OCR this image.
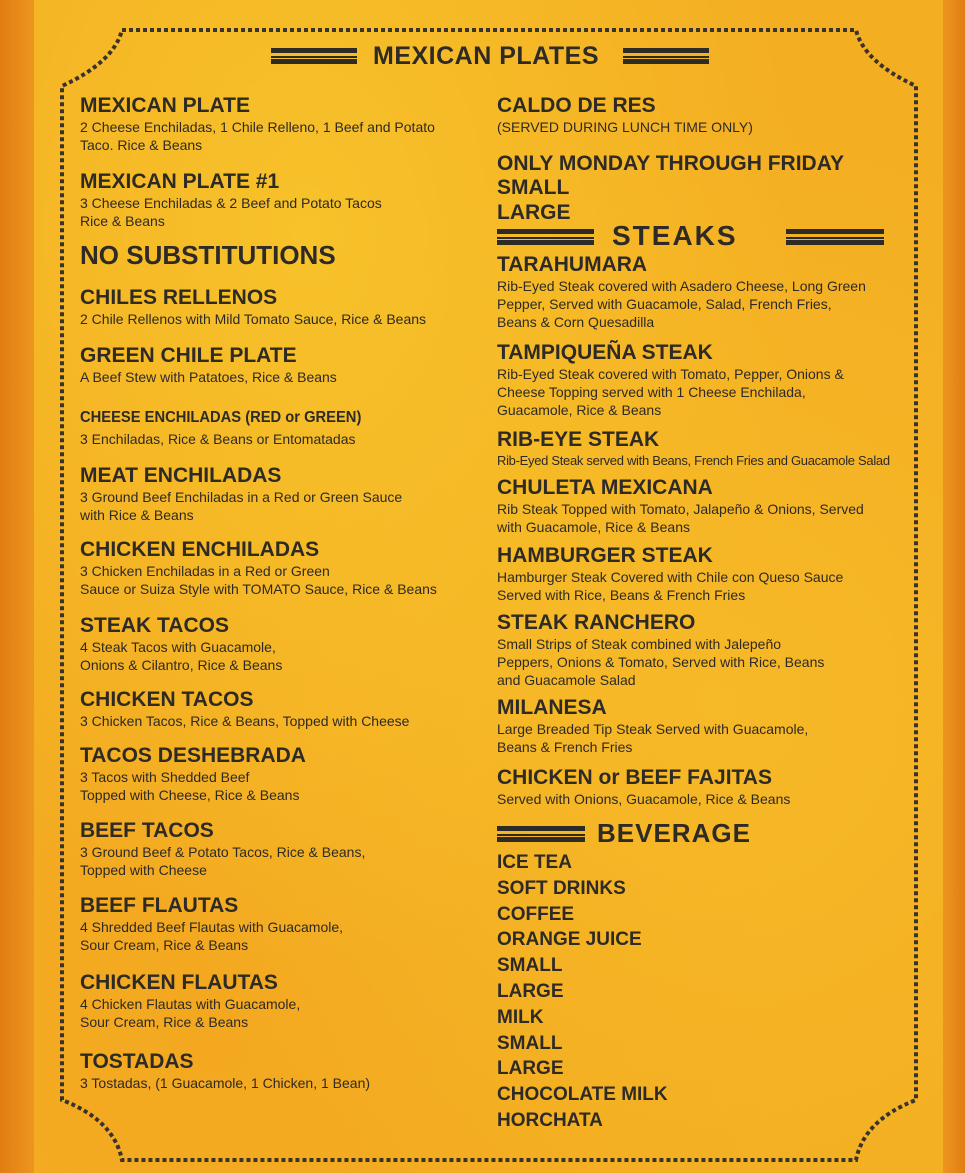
MEXICAN PLATES
MEXICAN PLATE
2 Cheese Enchiladas, 1 Chile Relleno, 1 Beef and Potato Taco. Rice & Beans
MEXICAN PLATE #1
3 Cheese Enchiladas & 2 Beef and Potato Tacos
Rice & Beans
NO SUBSTITUTIONS
CHILES RELLENOS
2 Chile Rellenos with Mild Tomato Sauce, Rice & Beans
GREEN CHILE PLATE
A Beef Stew with Patatoes, Rice & Beans
CHEESE ENCHILADAS (RED or GREEN)
3 Enchiladas, Rice & Beans or Entomatadas
MEAT ENCHILADAS
3 Ground Beef Enchiladas in a Red or Green Sauce
with Rice & Beans
CHICKEN ENCHILADAS
3 Chicken Enchiladas in a Red or Green
Sauce or Suiza Style with TOMATO Sauce, Rice & Beans
STEAK TACOS
4 Steak Tacos with Guacamole,
Onions & Cilantro, Rice & Beans
CHICKEN TACOS
3 Chicken Tacos, Rice & Beans, Topped with Cheese
TACOS DESHEBRADA
3 Tacos with Shedded Beef
Topped with Cheese, Rice & Beans
BEEF TACOS
3 Ground Beef & Potato Tacos, Rice & Beans,
Topped with Cheese
BEEF FLAUTAS
4 Shredded Beef Flautas with Guacamole,
Sour Cream, Rice & Beans
CHICKEN FLAUTAS
4 Chicken Flautas with Guacamole,
Sour Cream, Rice & Beans
TOSTADAS
3 Tostadas, (1 Guacamole, 1 Chicken, 1 Bean)
CALDO DE RES
(SERVED DURING LUNCH TIME ONLY)
ONLY MONDAY THROUGH FRIDAY
SMALL
LARGE
STEAKS
TARAHUMARA
Rib-Eyed Steak covered with Asadero Cheese, Long Green Pepper, Served with Guacamole, Salad, French Fries,
Beans & Corn Quesadilla
TAMPIQUEÑA STEAK
Rib-Eyed Steak covered with Tomato, Pepper, Onions &
Cheese Topping served with 1 Cheese Enchilada,
Guacamole, Rice & Beans
RIB-EYE STEAK
Rib-Eyed Steak served with Beans, French Fries and Guacamole Salad
CHULETA MEXICANA
Rib Steak Topped with Tomato, Jalapeño & Onions, Served with Guacamole, Rice & Beans
HAMBURGER STEAK
Hamburger Steak Covered with Chile con Queso Sauce
Served with Rice, Beans & French Fries
STEAK RANCHERO
Small Strips of Steak combined with Jalepeño
Peppers, Onions & Tomato, Served with Rice, Beans
and Guacamole Salad
MILANESA
Large Breaded Tip Steak Served with Guacamole,
Beans & French Fries
CHICKEN or BEEF FAJITAS
Served with Onions, Guacamole, Rice & Beans
BEVERAGE
ICE TEA
SOFT DRINKS
COFFEE
ORANGE JUICE
SMALL
LARGE
MILK
SMALL
LARGE
CHOCOLATE MILK
HORCHATA
